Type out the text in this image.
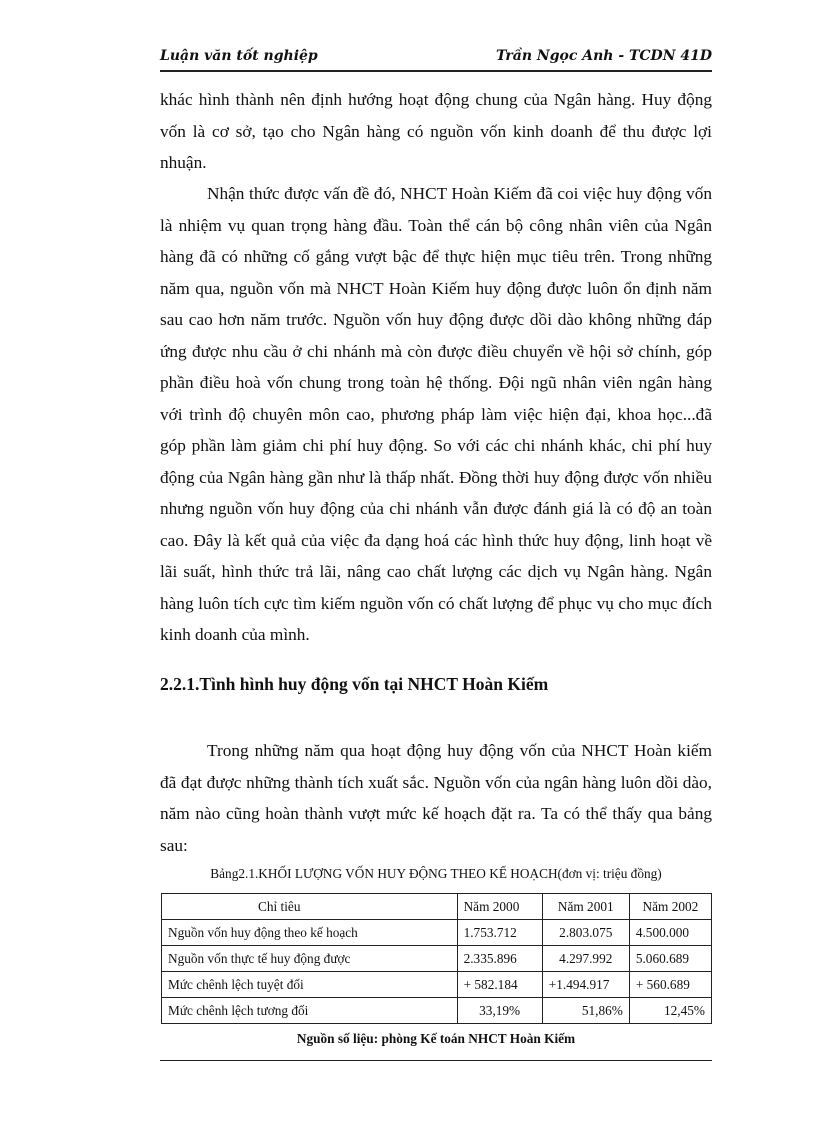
Luận văn tốt nghiệp	Trần Ngọc Anh - TCDN 41D

khác hình thành nên định hướng hoạt động chung của Ngân hàng. Huy động vốn là cơ sở, tạo cho Ngân hàng có nguồn vốn kinh doanh để thu được lợi nhuận.

Nhận thức được vấn đề đó, NHCT Hoàn Kiếm đã coi việc huy động vốn là nhiệm vụ quan trọng hàng đầu. Toàn thể cán bộ công nhân viên của Ngân hàng đã có những cố gắng vượt bậc để thực hiện mục tiêu trên. Trong những năm qua, nguồn vốn mà NHCT Hoàn Kiếm huy động được luôn ổn định năm sau cao hơn năm trước. Nguồn vốn huy động được dồi dào không những đáp ứng được nhu cầu ở chi nhánh mà còn được điều chuyển về hội sở chính, góp phần điều hoà vốn chung trong toàn hệ thống. Đội ngũ nhân viên ngân hàng với trình độ chuyên môn cao, phương pháp làm việc hiện đại, khoa học...đã góp phần làm giảm chi phí huy động. So với các chi nhánh khác, chi phí huy động của Ngân hàng gần như là thấp nhất. Đồng thời huy động được vốn nhiều nhưng nguồn vốn huy động của chi nhánh vẫn được đánh giá là có độ an toàn cao. Đây là kết quả của việc đa dạng hoá các hình thức huy động, linh hoạt về lãi suất, hình thức trả lãi, nâng cao chất lượng các dịch vụ Ngân hàng. Ngân hàng luôn tích cực tìm kiếm nguồn vốn có chất lượng để phục vụ cho mục đích kinh doanh của mình.

2.2.1.Tình hình huy động vốn tại NHCT Hoàn Kiếm

Trong những năm qua hoạt động huy động vốn của NHCT Hoàn kiếm đã đạt được những thành tích xuất sắc. Nguồn vốn của ngân hàng luôn dồi dào, năm nào cũng hoàn thành vượt mức kế hoạch đặt ra. Ta có thể thấy qua bảng sau:

Bảng2.1.KHỐI LƯỢNG VỐN HUY ĐỘNG THEO KẾ HOẠCH(đơn vị: triệu đồng)
Chỉ tiêu	Năm 2000	Năm 2001	Năm 2002
Nguồn vốn huy động theo kế hoạch	1.753.712	2.803.075	4.500.000
Nguồn vốn thực tế huy động được	2.335.896	4.297.992	5.060.689
Mức chênh lệch tuyệt đối	+ 582.184	+1.494.917	+ 560.689
Mức chênh lệch tương đối	33,19%	51,86%	12,45%
Nguồn số liệu: phòng Kế toán NHCT Hoàn Kiếm
